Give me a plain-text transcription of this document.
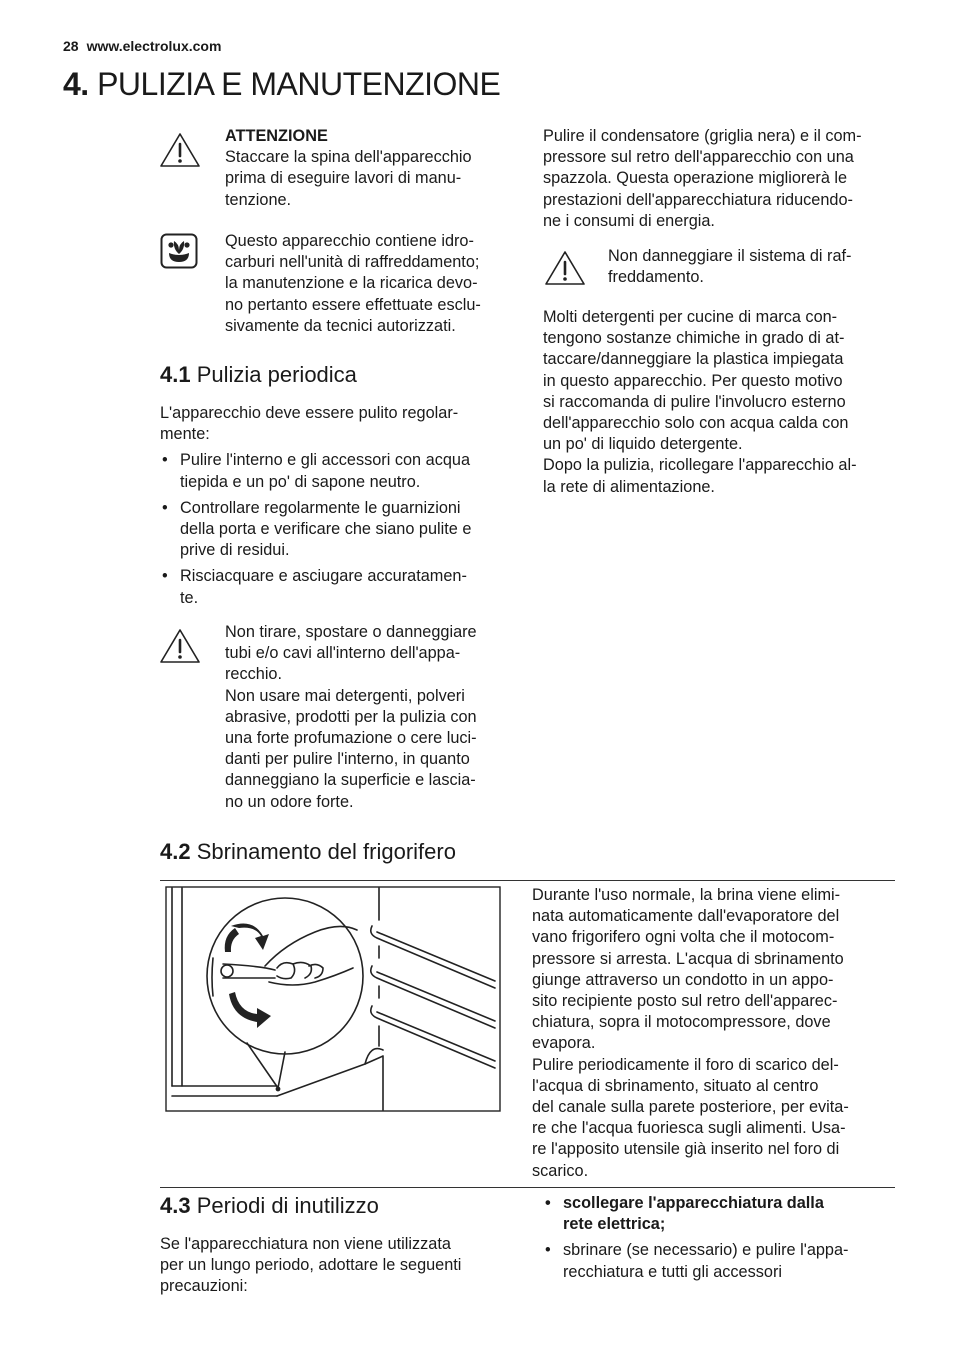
28 www.electrolux.com
4. PULIZIA E MANUTENZIONE

ATTENZIONE

Staccare la spina dell'apparecchio
prima di eseguire lavori di manu-
tenzione.

Questo apparecchio contiene idro-
carburi nell'unità di raffreddamento;
la manutenzione e la ricarica devo-
no pertanto essere effettuate esclu-
sivamente da tecnici autorizzati.

4.1 Pulizia periodica

L'apparecchio deve essere pulito regolar-
mente:

• Pulire l'interno e gli accessori con acqua
tiepida e un po' di sapone neutro.
• Controllare regolarmente le guarnizioni
della porta e verificare che siano pulite e
prive di residui.
• Risciacquare e asciugare accuratamen-
te.

Non tirare, spostare o danneggiare
tubi e/o cavi all'interno dell'appa-
recchio.
Non usare mai detergenti, polveri
abrasive, prodotti per la pulizia con
una forte profumazione o cere luci-
danti per pulire l'interno, in quanto
danneggiano la superficie e lascia-
no un odore forte.

Pulire il condensatore (griglia nera) e il com-
pressore sul retro dell'apparecchio con una
spazzola. Questa operazione migliorerà le
prestazioni dell'apparecchiatura riducendo-
ne i consumi di energia.

Non danneggiare il sistema di raf-
freddamento.

Molti detergenti per cucine di marca con-
tengono sostanze chimiche in grado di at-
taccare/danneggiare la plastica impiegata
in questo apparecchio. Per questo motivo
si raccomanda di pulire l'involucro esterno
dell'apparecchio solo con acqua calda con
un po' di liquido detergente.
Dopo la pulizia, ricollegare l'apparecchio al-
la rete di alimentazione.

4.2 Sbrinamento del frigorifero

Durante l'uso normale, la brina viene elimi-
nata automaticamente dall'evaporatore del
vano frigorifero ogni volta che il motocom-
pressore si arresta. L'acqua di sbrinamento
giunge attraverso un condotto in un appo-
sito recipiente posto sul retro dell'apparec-
chiatura, sopra il motocompressore, dove
evapora.
Pulire periodicamente il foro di scarico del-
l'acqua di sbrinamento, situato al centro
del canale sulla parete posteriore, per evita-
re che l'acqua fuoriesca sugli alimenti. Usa-
re l'apposito utensile già inserito nel foro di
scarico.

4.3 Periodi di inutilizzo

Se l'apparecchiatura non viene utilizzata
per un lungo periodo, adottare le seguenti
precauzioni:

• scollegare l'apparecchiatura dalla
rete elettrica;
• sbrinare (se necessario) e pulire l'appa-
recchiatura e tutti gli accessori
